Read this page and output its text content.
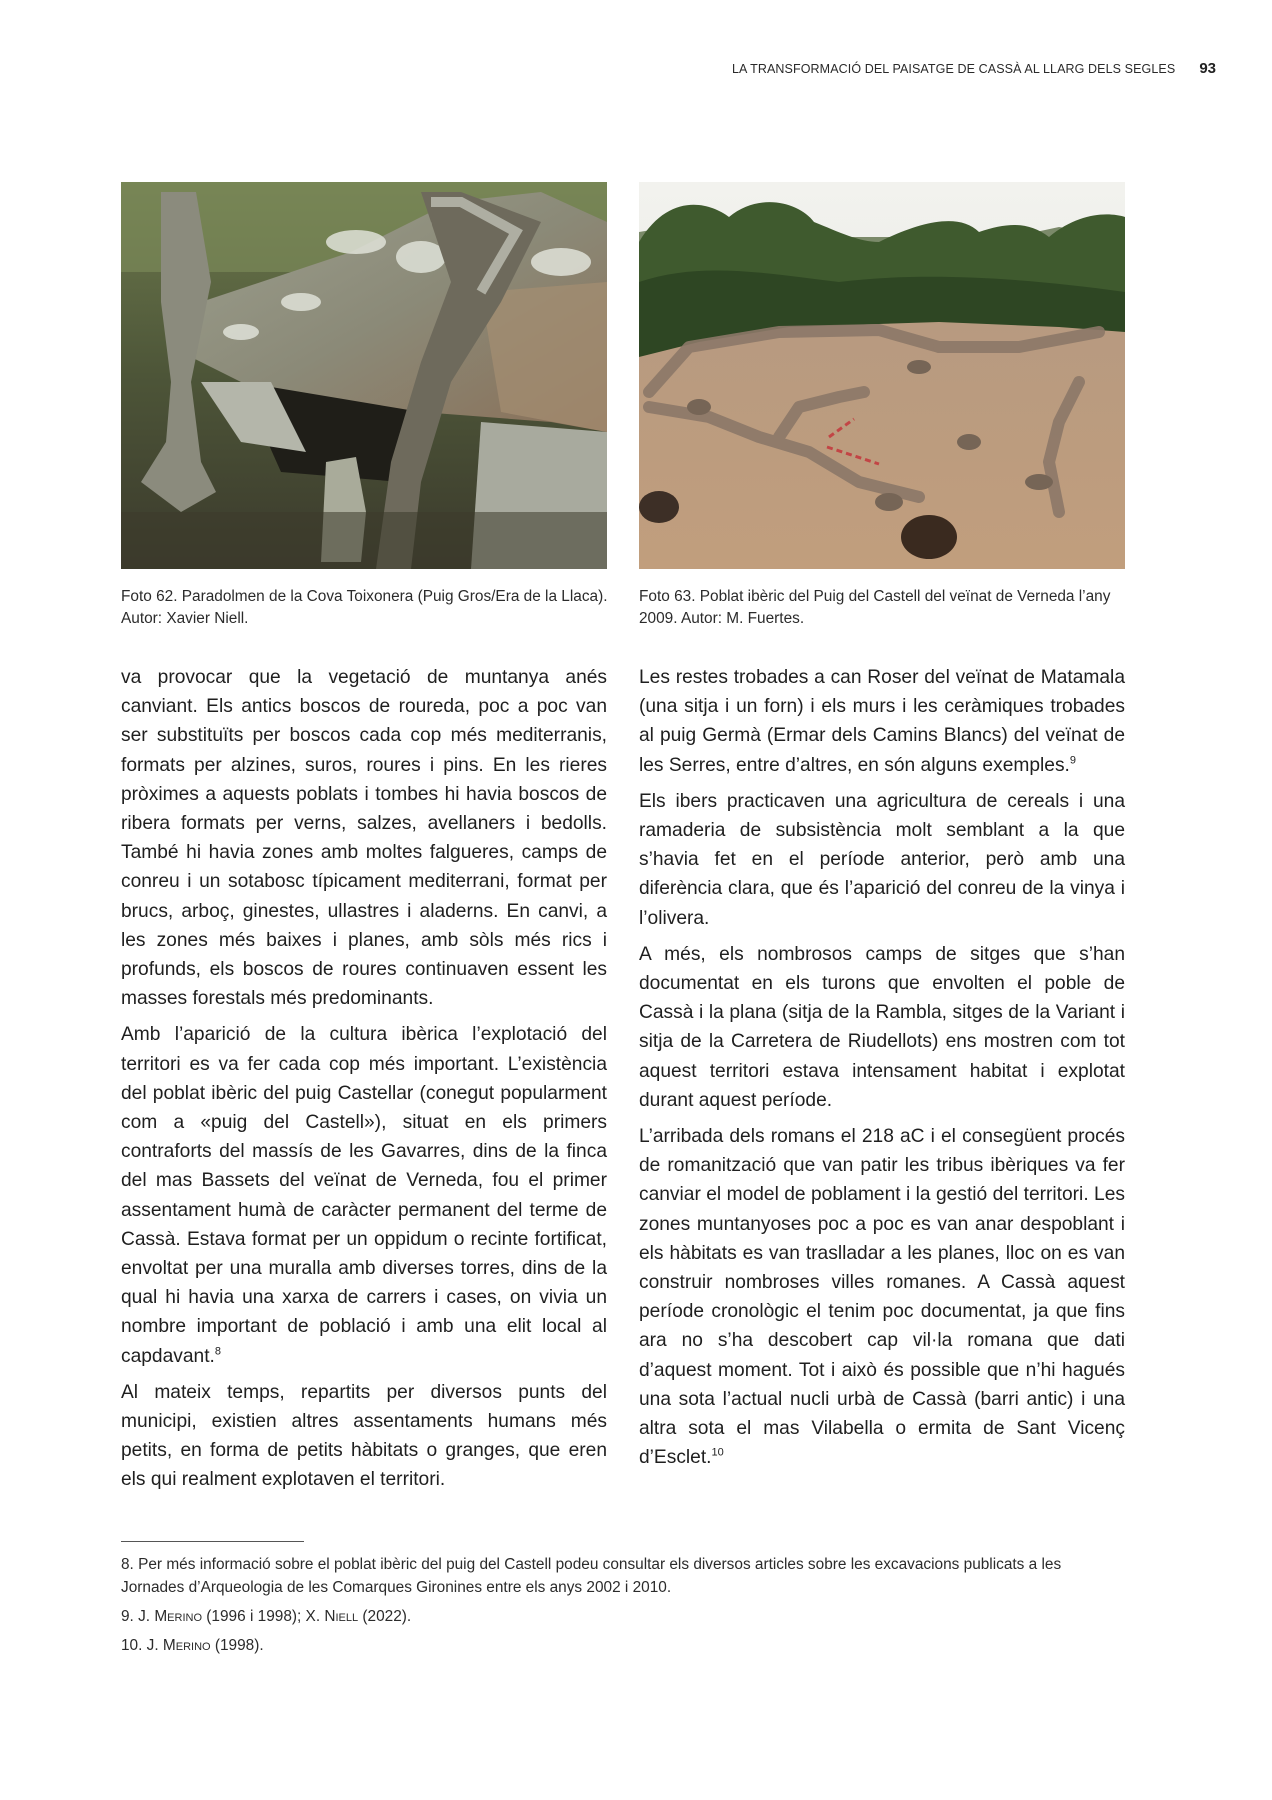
LA TRANSFORMACIÓ DEL PAISATGE DE CASSÀ AL LLARG DELS SEGLES 93
Foto 62. Paradolmen de la Cova Toixonera (Puig Gros/Era de la Llaca). Autor: Xavier Niell.
Foto 63. Poblat ibèric del Puig del Castell del veïnat de Verneda l’any 2009. Autor: M. Fuertes.

va provocar que la vegetació de muntanya anés canviant. Els antics boscos de roureda, poc a poc van ser substituïts per boscos cada cop més mediterranis, formats per alzines, suros, roures i pins. En les rieres pròximes a aquests poblats i tombes hi havia boscos de ribera formats per verns, salzes, avellaners i bedolls. També hi havia zones amb moltes falgueres, camps de conreu i un sotabosc típicament mediterrani, format per brucs, arboç, ginestes, ullastres i aladerns. En canvi, a les zones més baixes i planes, amb sòls més rics i profunds, els boscos de roures continuaven essent les masses forestals més predominants.

Amb l’aparició de la cultura ibèrica l’explotació del territori es va fer cada cop més important. L’existència del poblat ibèric del puig Castellar (conegut popularment com a «puig del Castell»), situat en els primers contraforts del massís de les Gavarres, dins de la finca del mas Bassets del veïnat de Verneda, fou el primer assentament humà de caràcter permanent del terme de Cassà. Estava format per un oppidum o recinte fortificat, envoltat per una muralla amb diverses torres, dins de la qual hi havia una xarxa de carrers i cases, on vivia un nombre important de població i amb una elit local al capdavant.$^8$

Al mateix temps, repartits per diversos punts del municipi, existien altres assentaments humans més petits, en forma de petits hàbitats o granges, que eren els qui realment explotaven el territori.

Les restes trobades a can Roser del veïnat de Matamala (una sitja i un forn) i els murs i les ceràmiques trobades al puig Germà (Ermar dels Camins Blancs) del veïnat de les Serres, entre d’altres, en són alguns exemples.$^9$

Els ibers practicaven una agricultura de cereals i una ramaderia de subsistència molt semblant a la que s’havia fet en el període anterior, però amb una diferència clara, que és l’aparició del conreu de la vinya i l’olivera.

A més, els nombrosos camps de sitges que s’han documentat en els turons que envolten el poble de Cassà i la plana (sitja de la Rambla, sitges de la Variant i sitja de la Carretera de Riudellots) ens mostren com tot aquest territori estava intensament habitat i explotat durant aquest període.

L’arribada dels romans el 218 aC i el consegüent procés de romanització que van patir les tribus ibèriques va fer canviar el model de poblament i la gestió del territori. Les zones muntanyoses poc a poc es van anar despoblant i els hàbitats es van traslladar a les planes, lloc on es van construir nombroses villes romanes. A Cassà aquest període cronològic el tenim poc documentat, ja que fins ara no s’ha descobert cap vil·la romana que dati d’aquest moment. Tot i això és possible que n’hi hagués una sota l’actual nucli urbà de Cassà (barri antic) i una altra sota el mas Vilabella o ermita de Sant Vicenç d’Esclet.$^{10}$

8. Per més informació sobre el poblat ibèric del puig del Castell podeu consultar els diversos articles sobre les excavacions publicats a les Jornades d’Arqueologia de les Comarques Gironines entre els anys 2002 i 2010.

9. J. Merino (1996 i 1998); X. Niell (2022).

10. J. Merino (1998).
